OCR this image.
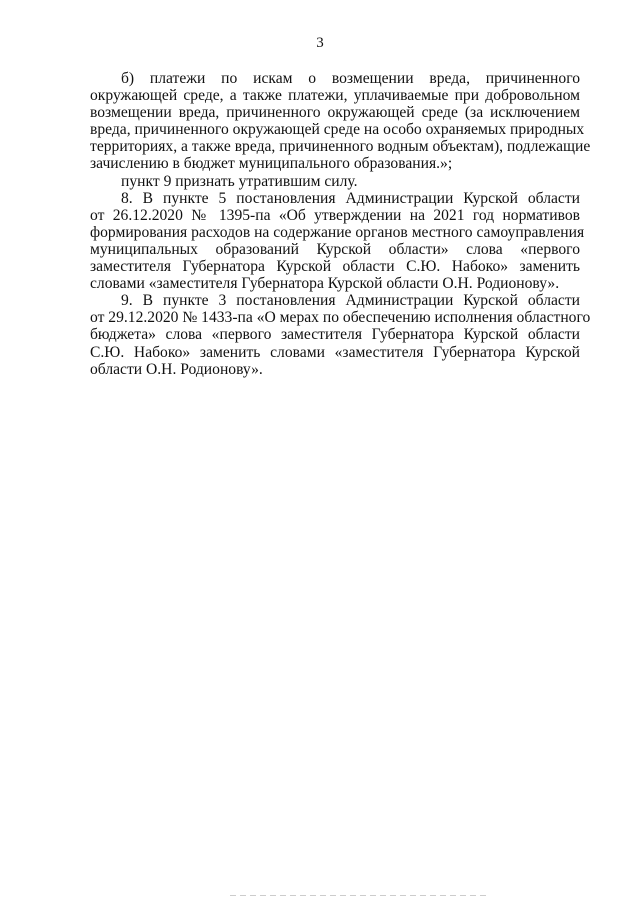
3
б) платежи по искам о возмещении вреда, причиненного
окружающей среде, а также платежи, уплачиваемые при добровольном
возмещении вреда, причиненного окружающей среде (за исключением
вреда, причиненного окружающей среде на особо охраняемых природных
территориях, а также вреда, причиненного водным объектам), подлежащие
зачислению в бюджет муниципального образования.»;
пункт 9 признать утратившим силу.
8. В пункте 5 постановления Администрации Курской области
от 26.12.2020 № 1395-па «Об утверждении на 2021 год нормативов
формирования расходов на содержание органов местного самоуправления
муниципальных образований Курской области» слова «первого
заместителя Губернатора Курской области С.Ю. Набоко» заменить
словами «заместителя Губернатора Курской области О.Н. Родионову».
9. В пункте 3 постановления Администрации Курской области
от 29.12.2020 № 1433-па «О мерах по обеспечению исполнения областного
бюджета» слова «первого заместителя Губернатора Курской области
С.Ю. Набоко» заменить словами «заместителя Губернатора Курской
области О.Н. Родионову».
